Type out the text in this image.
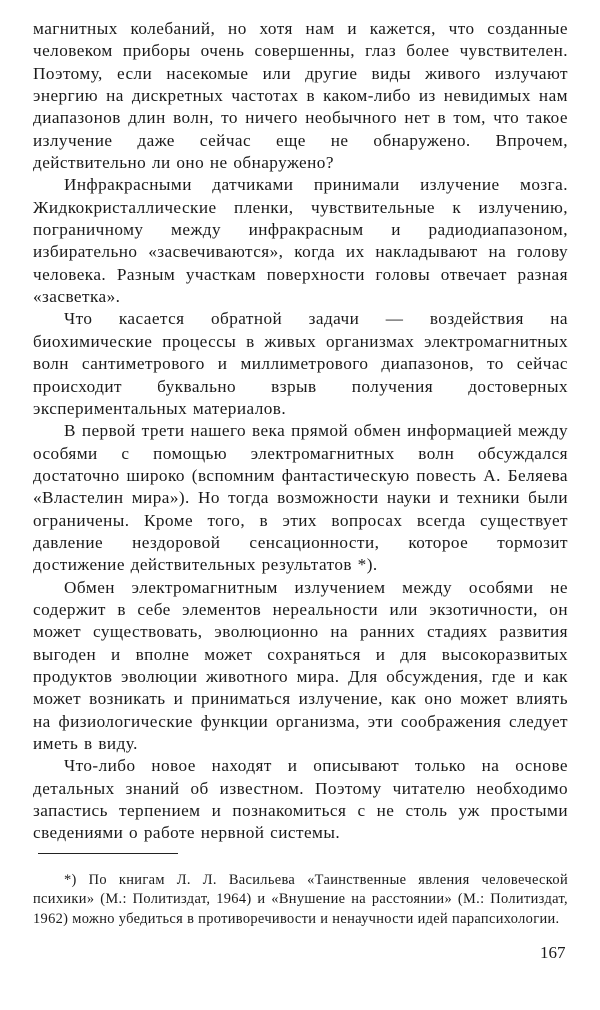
магнитных колебаний, но хотя нам и кажется, что созданные человеком приборы очень совершенны, глаз более чувствителен. Поэтому, если насекомые или другие виды живого излучают энергию на дискретных частотах в каком-либо из невидимых нам диапазонов длин волн, то ничего необычного нет в том, что такое излучение даже сейчас еще не обнаружено. Впрочем, действительно ли оно не обнаружено?

Инфракрасными датчиками принимали излучение мозга. Жидкокристаллические пленки, чувствительные к излучению, пограничному между инфракрасным и радиодиапазоном, избирательно «засвечиваются», когда их накладывают на голову человека. Разным участкам поверхности головы отвечает разная «засветка».

Что касается обратной задачи — воздействия на биохимические процессы в живых организмах электромагнитных волн сантиметрового и миллиметрового диапазонов, то сейчас происходит буквально взрыв получения достоверных экспериментальных материалов.

В первой трети нашего века прямой обмен информацией между особями с помощью электромагнитных волн обсуждался достаточно широко (вспомним фантастическую повесть А. Беляева «Властелин мира»). Но тогда возможности науки и техники были ограничены. Кроме того, в этих вопросах всегда существует давление нездоровой сенсационности, которое тормозит достижение действительных результатов *).

Обмен электромагнитным излучением между особями не содержит в себе элементов нереальности или экзотичности, он может существовать, эволюционно на ранних стадиях развития выгоден и вполне может сохраняться и для высокоразвитых продуктов эволюции животного мира. Для обсуждения, где и как может возникать и приниматься излучение, как оно может влиять на физиологические функции организма, эти соображения следует иметь в виду.

Что-либо новое находят и описывают только на основе детальных знаний об известном. Поэтому читателю необходимо запастись терпением и познакомиться с не столь уж простыми сведениями о работе нервной системы.

*) По книгам Л. Л. Васильева «Таинственные явления человеческой психики» (М.: Политиздат, 1964) и «Внушение на расстоянии» (М.: Политиздат, 1962) можно убедиться в противоречивости и ненаучности идей парапсихологии.

167
